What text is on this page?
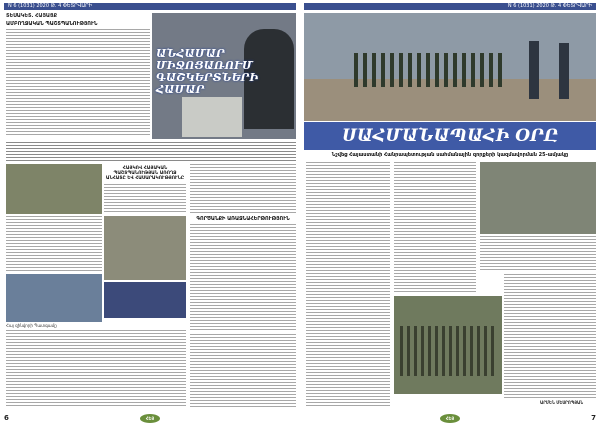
N 6 (1031) 2020 Թ. 4 ՓԵՏՐՎԱՐԻ
ՏԵՍԱԿԵՏ. ՀԱՅԱՑՔ
ԱՄԲՈՂՋԱԿԱՆ ՊԱՇՏՊԱՆՈՒԹՅՈՒՆ
ԱՆՀԱՄԱՐ
ՄԻՋՈՑԱՌՈՒՄ
ԳԱՇԿԵՐՏՆԵՐԻ
ՀԱՄԱՐ
ՀԱՅԿՈՎ ՀԱՅԱԿԱՆ ՊԱՇՏՊԱՆՈՒԹՅԱՆ ԱՌՈՂՋ ԱՆՀԱՏԸ ԵՎ ՀԱՍԱՐԱԿՈՒԹՅՈՒՆԸ
ԳՈՐԾԱՆՔԻ ԱՌԱՋՆԱՀԵՐԹՈՒԹՅՈՒՆ
Հայ զինվորի Պատգամը
6	ՀԵՅ
N 6 (1031) 2020 Թ. 4 ՓԵՏՐՎԱՐԻ
ՍԱՀՄԱՆԱՊԱՀԻ ՕՐԸ
Նշվեց Հայաստանի Հանրապետության սահմանային զորքերի կազմավորման 25-ամյակը
ԱՐՄԵՆ ՄԵՍՐՈՊՅԱՆ
7
ՀԵՅ
